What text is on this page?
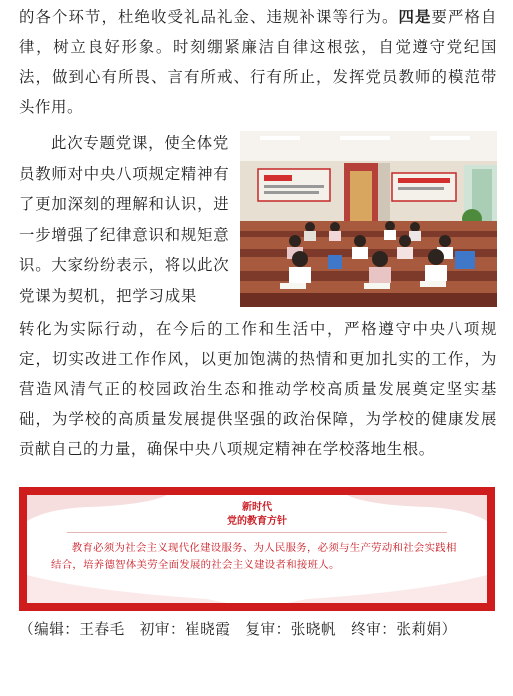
的各个环节，杜绝收受礼品礼金、违规补课等行为。四是要严格自律，树立良好形象。时刻绷紧廉洁自律这根弦，自觉遵守党纪国法，做到心有所畏、言有所戒、行有所止，发挥党员教师的模范带头作用。

此次专题党课，使全体党员教师对中央八项规定精神有了更加深刻的理解和认识，进一步增强了纪律意识和规矩意识。大家纷纷表示，将以此次党课为契机，把学习成果

转化为实际行动，在今后的工作和生活中，严格遵守中央八项规定，切实改进工作作风，以更加饱满的热情和更加扎实的工作，为营造风清气正的校园政治生态和推动学校高质量发展奠定坚实基础，为学校的高质量发展提供坚强的政治保障，为学校的健康发展贡献自己的力量，确保中央八项规定精神在学校落地生根。

新时代
党的教育方针
教育必须为社会主义现代化建设服务、为人民服务，必须与生产劳动和社会实践相结合，培养德智体美劳全面发展的社会主义建设者和接班人。
（编辑：王春毛　初审：崔晓霞　复审：张晓帆　终审：张莉娟）
